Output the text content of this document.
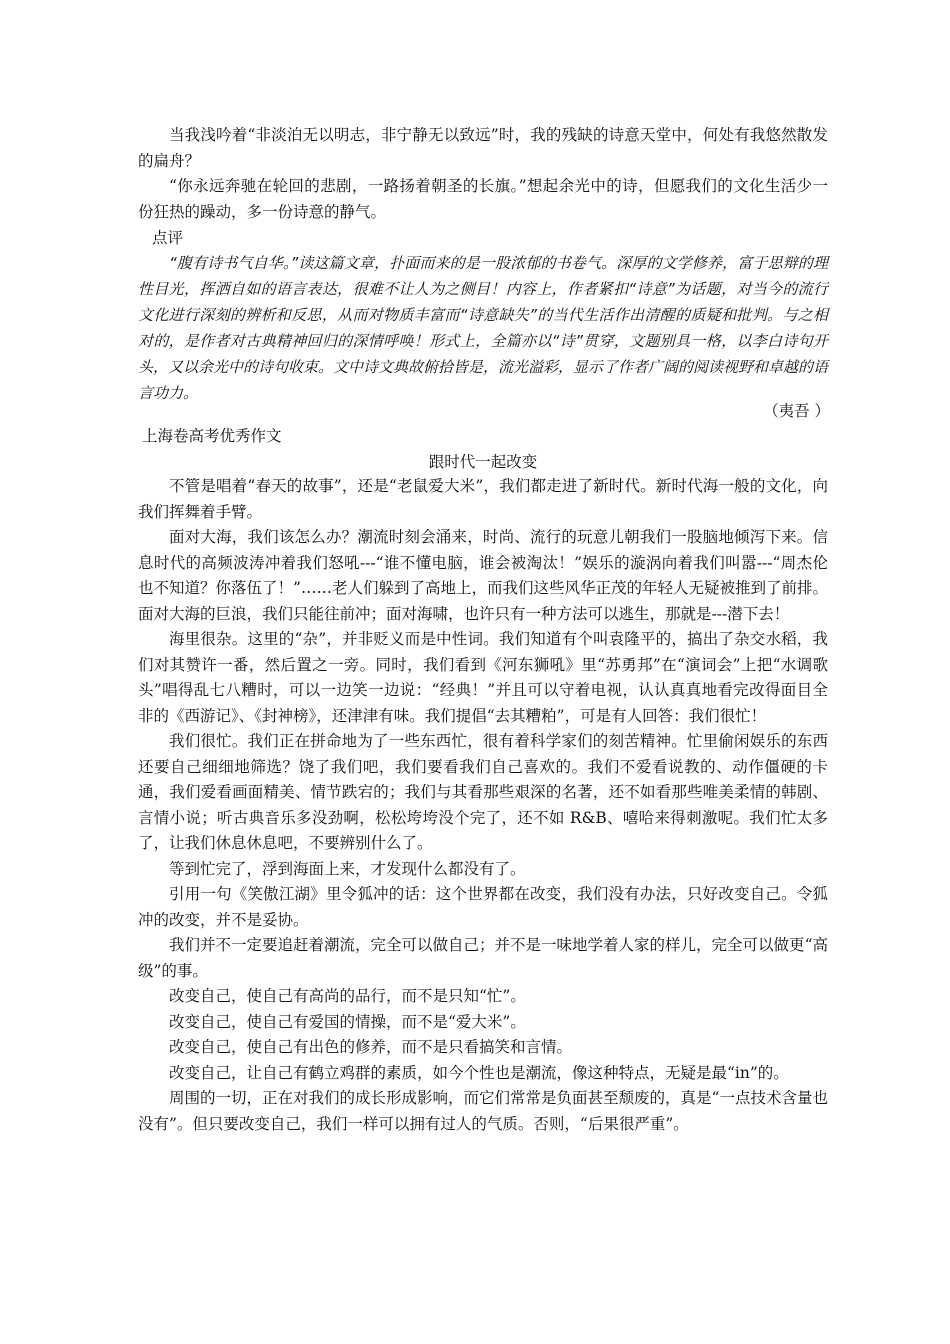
当我浅吟着“非淡泊无以明志，非宁静无以致远”时，我的残缺的诗意天堂中，何处有我悠然散发的扁舟？

“你永远奔驰在轮回的悲剧，一路扬着朝圣的长旗。”想起余光中的诗，但愿我们的文化生活少一份狂热的躁动，多一份诗意的静气。

点评

“腹有诗书气自华。”读这篇文章，扑面而来的是一股浓郁的书卷气。深厚的文学修养，富于思辩的理性目光，挥洒自如的语言表达，很难不让人为之侧目！内容上，作者紧扣“诗意”为话题，对当今的流行文化进行深刻的辨析和反思，从而对物质丰富而“诗意缺失”的当代生活作出清醒的质疑和批判。与之相对的，是作者对古典精神回归的深情呼唤！形式上，全篇亦以“诗”贯穿，文题别具一格，以李白诗句开头，又以余光中的诗句收束。文中诗文典故俯拾皆是，流光溢彩，显示了作者广阔的阅读视野和卓越的语言功力。

（夷吾 ）

上海卷高考优秀作文

跟时代一起改变

不管是唱着“春天的故事”，还是“老鼠爱大米”，我们都走进了新时代。新时代海一般的文化，向我们挥舞着手臂。

面对大海，我们该怎么办？潮流时刻会涌来，时尚、流行的玩意儿朝我们一股脑地倾泻下来。信息时代的高频波涛冲着我们怒吼---“谁不懂电脑，谁会被淘汰！”娱乐的漩涡向着我们叫嚣---“周杰伦也不知道？你落伍了！”……老人们躲到了高地上，而我们这些风华正茂的年轻人无疑被推到了前排。面对大海的巨浪，我们只能往前冲；面对海啸，也许只有一种方法可以逃生，那就是---潜下去！

海里很杂。这里的“杂”，并非贬义而是中性词。我们知道有个叫袁隆平的，搞出了杂交水稻，我们对其赞许一番，然后置之一旁。同时，我们看到《河东狮吼》里“苏勇邦”在“演词会”上把“水调歌头”唱得乱七八糟时，可以一边笑一边说：“经典！”并且可以守着电视，认认真真地看完改得面目全非的《西游记》、《封神榜》，还津津有味。我们提倡“去其糟粕”，可是有人回答：我们很忙！

我们很忙。我们正在拼命地为了一些东西忙，很有着科学家们的刻苦精神。忙里偷闲娱乐的东西还要自己细细地筛选？饶了我们吧，我们要看我们自己喜欢的。我们不爱看说教的、动作僵硬的卡通，我们爱看画面精美、情节跌宕的；我们与其看那些艰深的名著，还不如看那些唯美柔情的韩剧、言情小说；听古典音乐多没劲啊，松松垮垮没个完了，还不如 R&B、嘻哈来得刺激呢。我们忙太多了，让我们休息休息吧，不要辨别什么了。

等到忙完了，浮到海面上来，才发现什么都没有了。

引用一句《笑傲江湖》里令狐冲的话：这个世界都在改变，我们没有办法，只好改变自己。令狐冲的改变，并不是妥协。

我们并不一定要追赶着潮流，完全可以做自己；并不是一味地学着人家的样儿，完全可以做更“高级”的事。

改变自己，使自己有高尚的品行，而不是只知“忙”。

改变自己，使自己有爱国的情操，而不是“爱大米”。

改变自己，使自己有出色的修养，而不是只看搞笑和言情。

改变自己，让自己有鹤立鸡群的素质，如今个性也是潮流，像这种特点，无疑是最“in”的。

周围的一切，正在对我们的成长形成影响，而它们常常是负面甚至颓废的，真是“一点技术含量也没有”。但只要改变自己，我们一样可以拥有过人的气质。否则，“后果很严重”。
